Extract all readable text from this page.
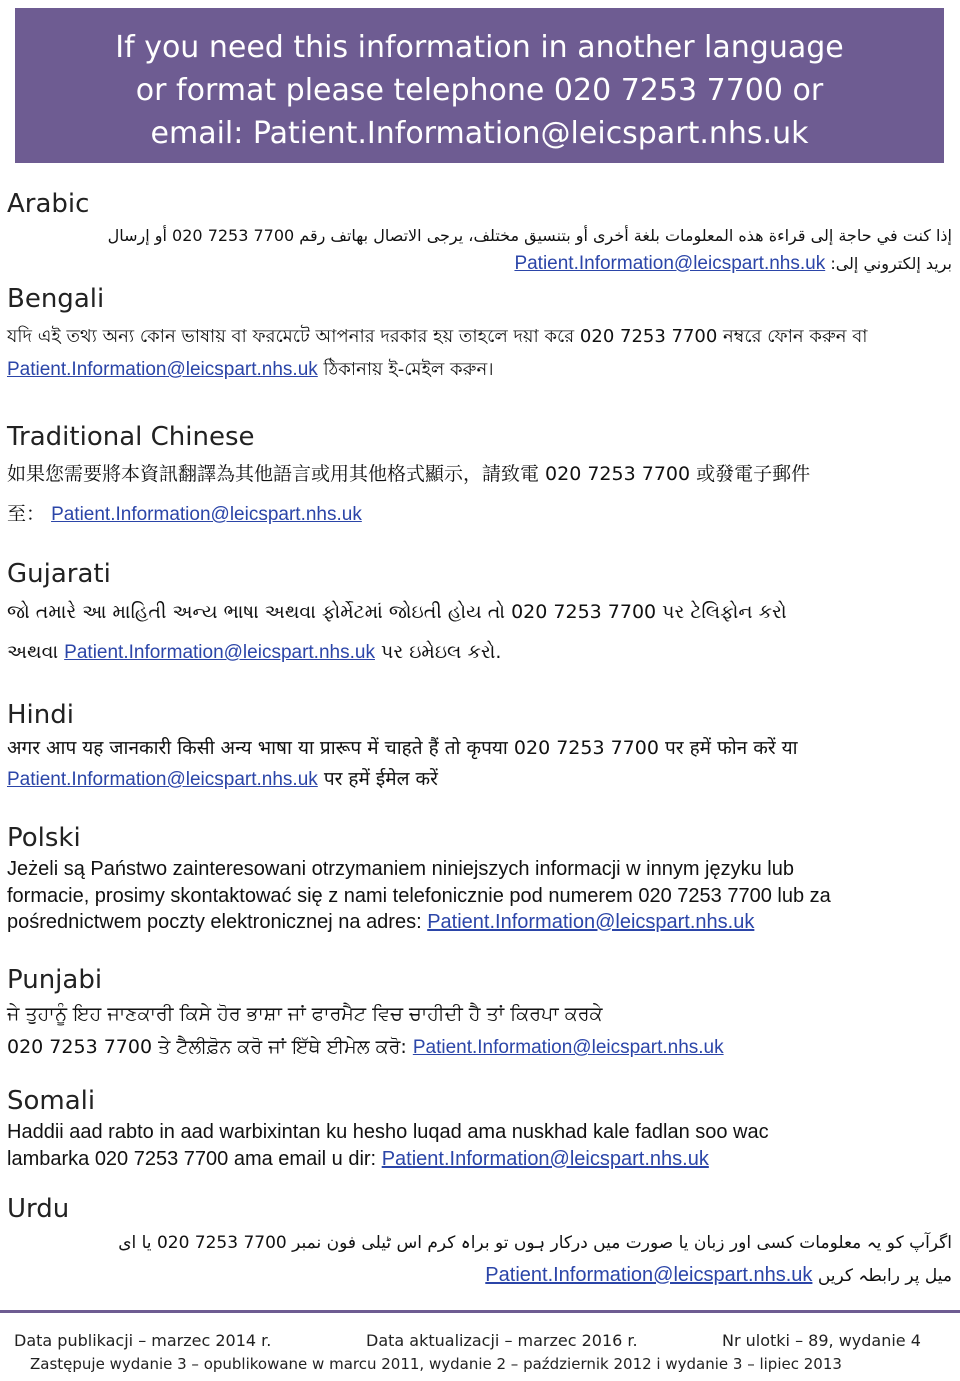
If you need this information in another language
or format please telephone 020 7253 7700 or
email: Patient.Information@leicspart.nhs.uk
Arabic
إذا كنت في حاجة إلى قراءة هذه المعلومات بلغة أخرى أو بتنسيق مختلف، يرجى الاتصال بهاتف رقم 7700 7253 020 أو إرسال
بريد إلكتروني إلى: Patient.Information@leicspart.nhs.uk
Bengali
যদি এই তথ্য অন্য কোন ভাষায় বা ফরমেটে আপনার দরকার হয় তাহলে দয়া করে 020 7253 7700 নম্বরে ফোন করুন বা
Patient.Information@leicspart.nhs.uk ঠিকানায় ই-মেইল করুন।
Traditional Chinese
如果您需要將本資訊翻譯為其他語言或用其他格式顯示，請致電 020 7253 7700 或發電子郵件
至： Patient.Information@leicspart.nhs.uk
Gujarati
જો તમારે આ માહિતી અન્ય ભાષા અથવા ફોર્મેટમાં જોઇતી હોય તો 020 7253 7700 પર ટેલિફોન કરો
અથવા Patient.Information@leicspart.nhs.uk પર ઇમેઇલ કરો.
Hindi
अगर आप यह जानकारी किसी अन्य भाषा या प्रारूप में चाहते हैं तो कृपया 020 7253 7700 पर हमें फोन करें या
Patient.Information@leicspart.nhs.uk पर हमें ईमेल करें
Polski
Jeżeli są Państwo zainteresowani otrzymaniem niniejszych informacji w innym języku lub
formacie, prosimy skontaktować się z nami telefonicznie pod numerem 020 7253 7700 lub za
pośrednictwem poczty elektronicznej na adres: Patient.Information@leicspart.nhs.uk
Punjabi
ਜੇ ਤੁਹਾਨੂੰ ਇਹ ਜਾਣਕਾਰੀ ਕਿਸੇ ਹੋਰ ਭਾਸ਼ਾ ਜਾਂ ਫਾਰਮੈਟ ਵਿਚ ਚਾਹੀਦੀ ਹੈ ਤਾਂ ਕਿਰਪਾ ਕਰਕੇ
020 7253 7700 ਤੇ ਟੈਲੀਫ਼ੋਨ ਕਰੋ ਜਾਂ ਇੱਥੇ ਈਮੇਲ ਕਰੋ: Patient.Information@leicspart.nhs.uk
Somali
Haddii aad rabto in aad warbixintan ku hesho luqad ama nuskhad kale fadlan soo wac
lambarka 020 7253 7700 ama email u dir: Patient.Information@leicspart.nhs.uk
Urdu
اگرآپ کو یہ معلومات کسی اور زبان یا صورت میں درکار ہوں تو براہ کرم اس ٹیلی فون نمبر 7700 7253 020 یا ای
میل پر رابطہ کریں Patient.Information@leicspart.nhs.uk
Data publikacji – marzec 2014 r.	Data aktualizacji – marzec 2016 r.	Nr ulotki – 89, wydanie 4
Zastępuje wydanie 3 – opublikowane w marcu 2011, wydanie 2 – październik 2012 i wydanie 3 – lipiec 2013
